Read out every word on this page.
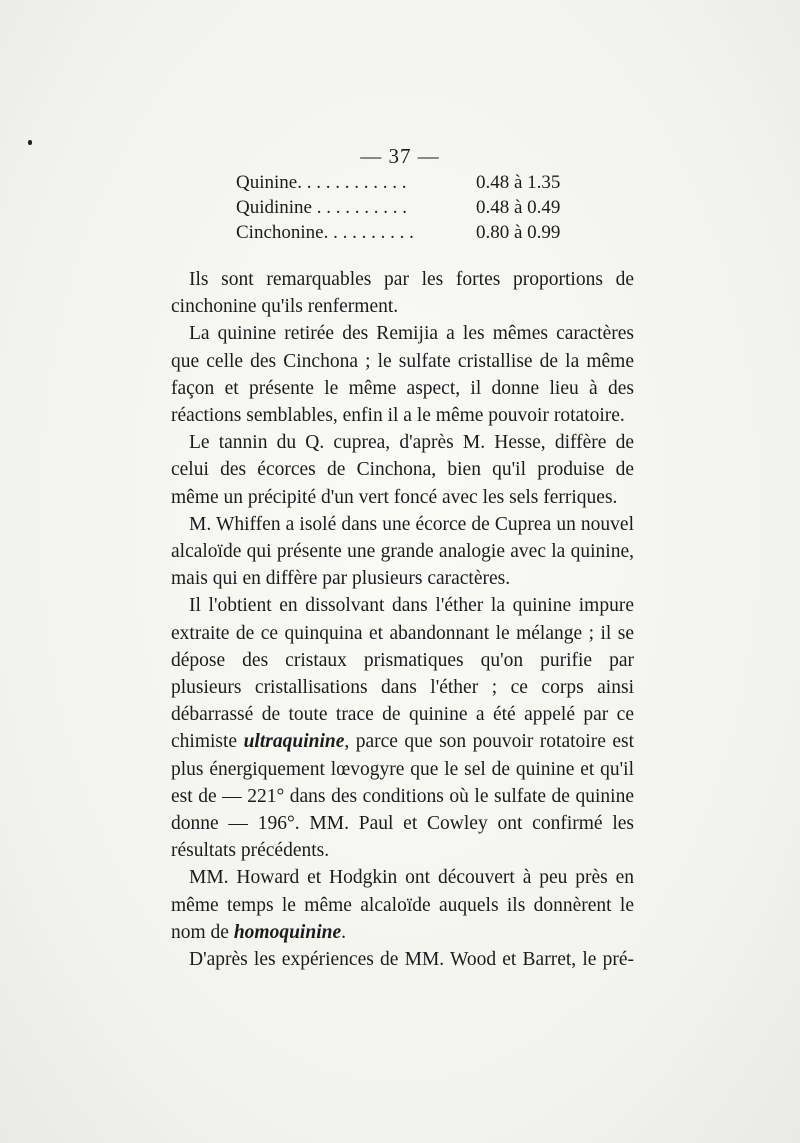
— 37 —
Quinine. . . . . . . . . . . .	0.48 à 1.35
Quidinine . . . . . . . . . .	0.48 à 0.49
Cinchonine. . . . . . . . . .	0.80 à 0.99

Ils sont remarquables par les fortes proportions de cinchonine qu'ils renferment.

La quinine retirée des Remijia a les mêmes caractères que celle des Cinchona ; le sulfate cristallise de la même façon et présente le même aspect, il donne lieu à des réactions semblables, enfin il a le même pouvoir rotatoire.

Le tannin du Q. cuprea, d'après M. Hesse, diffère de celui des écorces de Cinchona, bien qu'il produise de même un précipité d'un vert foncé avec les sels ferriques.

M. Whiffen a isolé dans une écorce de Cuprea un nouvel alcaloïde qui présente une grande analogie avec la quinine, mais qui en diffère par plusieurs caractères.

Il l'obtient en dissolvant dans l'éther la quinine impure extraite de ce quinquina et abandonnant le mélange ; il se dépose des cristaux prismatiques qu'on purifie par plusieurs cristallisations dans l'éther ; ce corps ainsi débarrassé de toute trace de quinine a été appelé par ce chimiste ultraquinine, parce que son pouvoir rotatoire est plus énergiquement lœvogyre que le sel de quinine et qu'il est de — 221° dans des conditions où le sulfate de quinine donne — 196°. MM. Paul et Cowley ont confirmé les résultats précédents.

MM. Howard et Hodgkin ont découvert à peu près en même temps le même alcaloïde auquels ils donnèrent le nom de homoquinine.

D'après les expériences de MM. Wood et Barret, le pré-
